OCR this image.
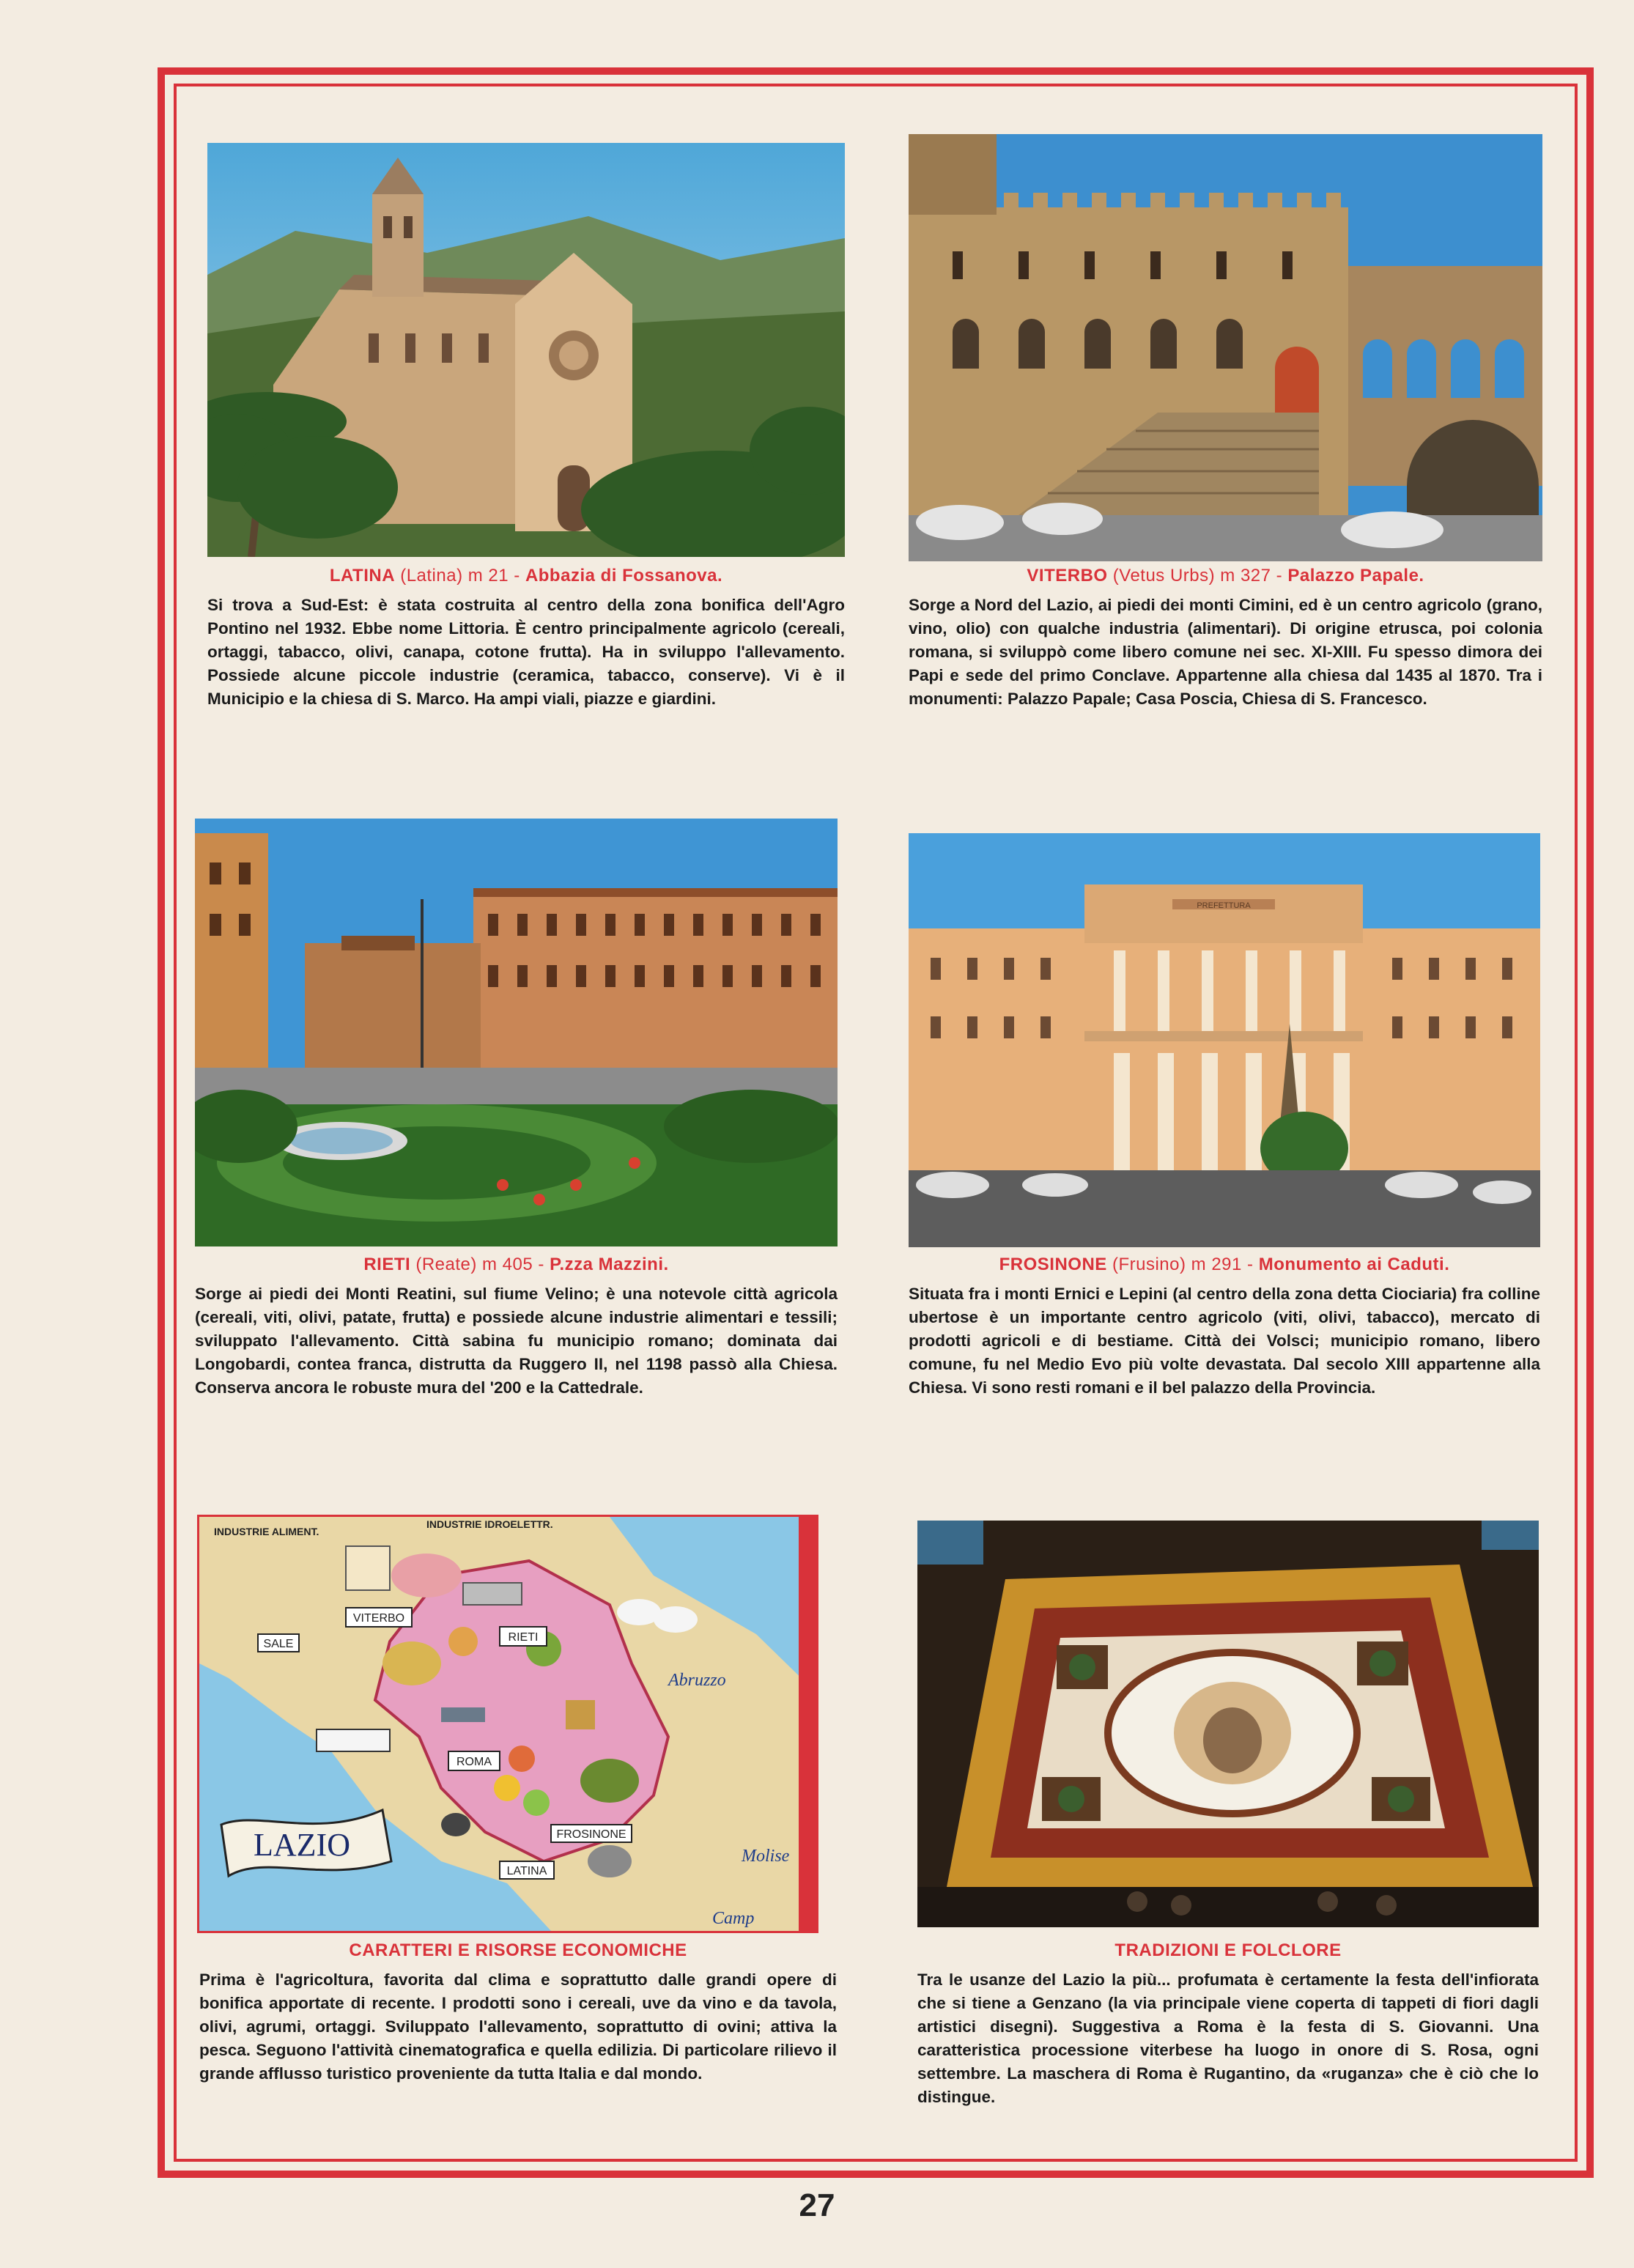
PREFETTURA
INDUSTRIE ALIMENT.
INDUSTRIE IDROELETTR.
VITERBO
RIETI
ROMA
FROSINONE
LATINA
SALE
Abruzzo
Molise
Camp
LAZIO

LATINA (Latina) m 21 - Abbazia di Fossanova.

Si trova a Sud-Est: è stata costruita al centro della zona bonifica dell'Agro Pontino nel 1932. Ebbe nome Littoria. È centro principalmente agricolo (cereali, ortaggi, tabacco, olivi, canapa, cotone frutta). Ha in sviluppo l'allevamento. Possiede alcune piccole industrie (ceramica, tabacco, conserve). Vi è il Municipio e la chiesa di S. Marco. Ha ampi viali, piazze e giardini.

VITERBO (Vetus Urbs) m 327 - Palazzo Papale.

Sorge a Nord del Lazio, ai piedi dei monti Cimini, ed è un centro agricolo (grano, vino, olio) con qualche industria (alimentari). Di origine etrusca, poi colonia romana, si sviluppò come libero comune nei sec. XI-XIII. Fu spesso dimora dei Papi e sede del primo Conclave. Appartenne alla chiesa dal 1435 al 1870. Tra i monumenti: Palazzo Papale; Casa Poscia, Chiesa di S. Francesco.

RIETI (Reate) m 405 - P.zza Mazzini.

Sorge ai piedi dei Monti Reatini, sul fiume Velino; è una notevole città agricola (cereali, viti, olivi, patate, frutta) e possiede alcune industrie alimentari e tessili; sviluppato l'allevamento. Città sabina fu municipio romano; dominata dai Longobardi, contea franca, distrutta da Ruggero II, nel 1198 passò alla Chiesa. Conserva ancora le robuste mura del '200 e la Cattedrale.

FROSINONE (Frusino) m 291 - Monumento ai Caduti.

Situata fra i monti Ernici e Lepini (al centro della zona detta Ciociaria) fra colline ubertose è un importante centro agricolo (viti, olivi, tabacco), mercato di prodotti agricoli e di bestiame. Città dei Volsci; municipio romano, libero comune, fu nel Medio Evo più volte devastata. Dal secolo XIII appartenne alla Chiesa. Vi sono resti romani e il bel palazzo della Provincia.

CARATTERI E RISORSE ECONOMICHE

Prima è l'agricoltura, favorita dal clima e soprattutto dalle grandi opere di bonifica apportate di recente. I prodotti sono i cereali, uve da vino e da tavola, olivi, agrumi, ortaggi. Sviluppato l'allevamento, soprattutto di ovini; attiva la pesca. Seguono l'attività cinematografica e quella edilizia. Di particolare rilievo il grande afflusso turistico proveniente da tutta Italia e dal mondo.

TRADIZIONI E FOLCLORE

Tra le usanze del Lazio la più... profumata è certamente la festa dell'infiorata che si tiene a Genzano (la via principale viene coperta di tappeti di fiori dagli artistici disegni). Suggestiva a Roma è la festa di S. Giovanni. Una caratteristica processione viterbese ha luogo in onore di S. Rosa, ogni settembre. La maschera di Roma è Rugantino, da «ruganza» che è ciò che lo distingue.

27
